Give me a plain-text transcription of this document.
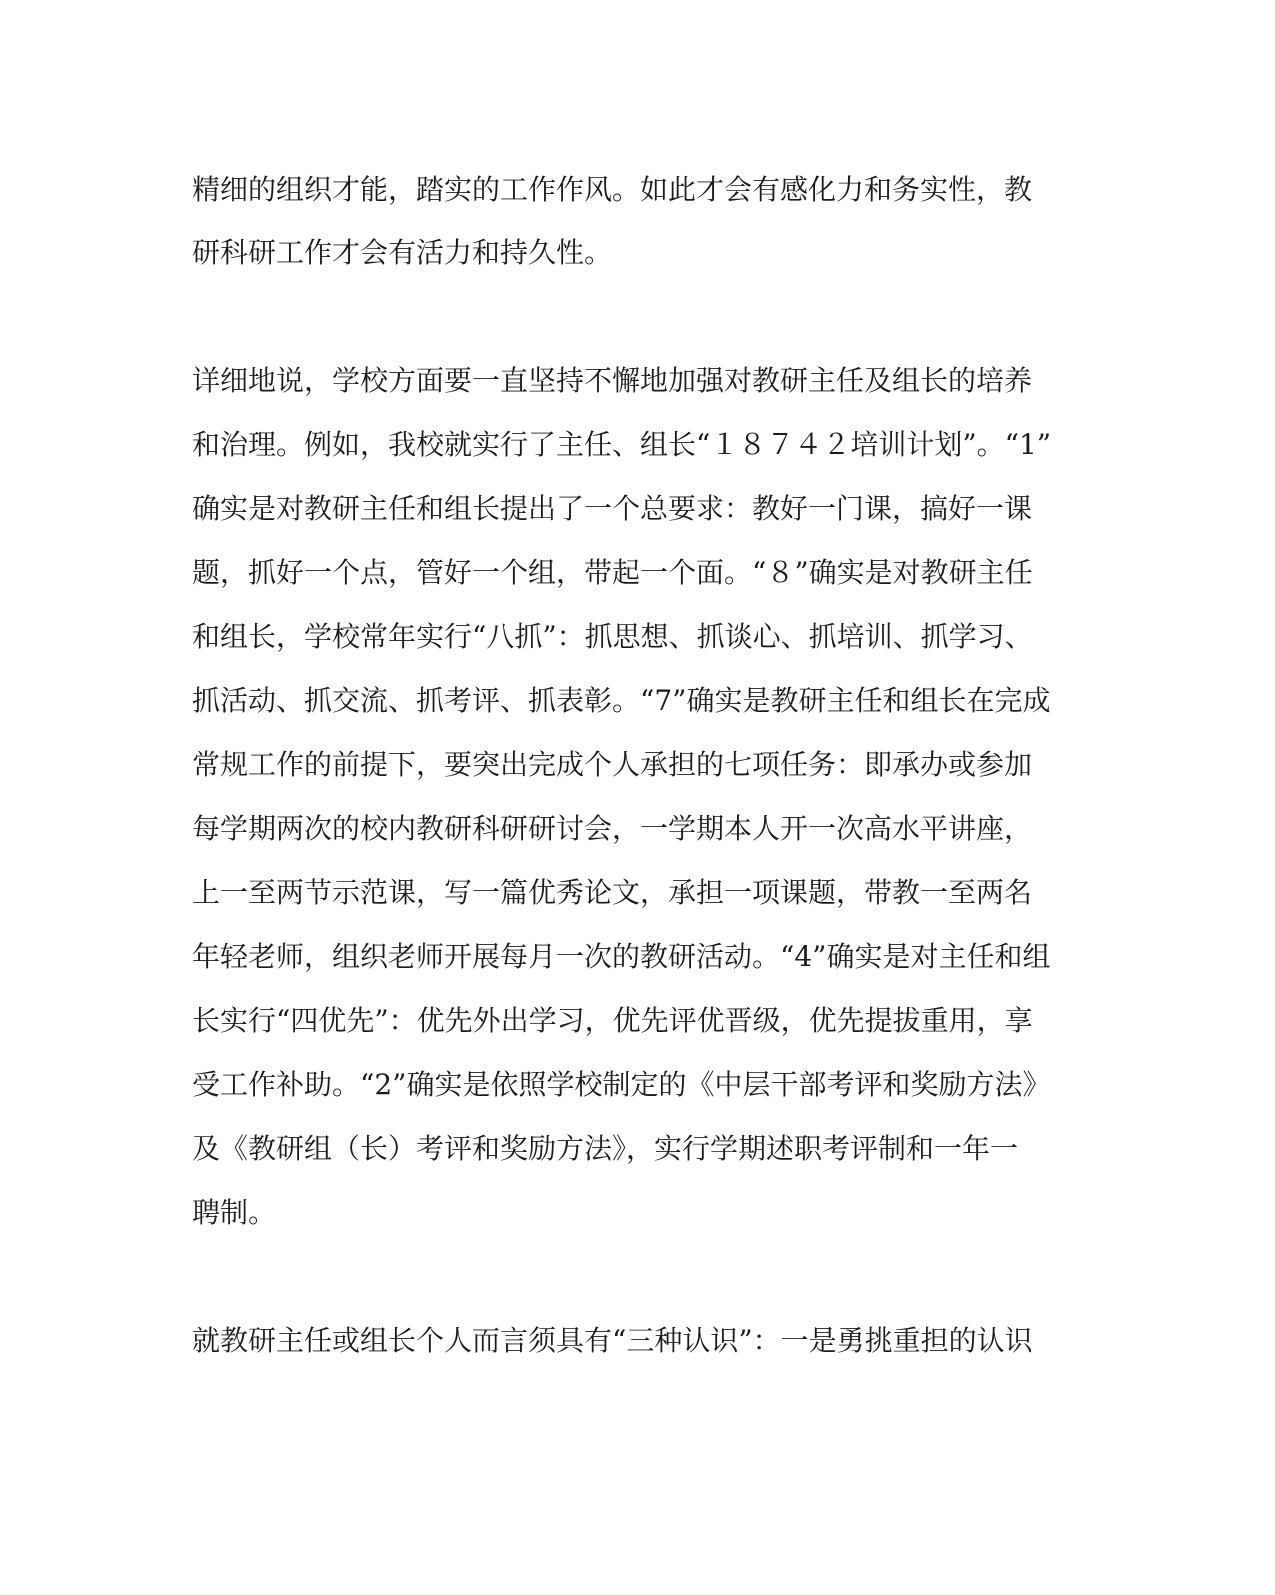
精细的组织才能，踏实的工作作风。如此才会有感化力和务实性，教

研科研工作才会有活力和持久性。

详细地说，学校方面要一直坚持不懈地加强对教研主任及组长的培养

和治理。例如，我校就实行了主任、组长“１８７４２培训计划”。“1”

确实是对教研主任和组长提出了一个总要求：教好一门课，搞好一课

题，抓好一个点，管好一个组，带起一个面。“８”确实是对教研主任

和组长，学校常年实行“八抓”：抓思想、抓谈心、抓培训、抓学习、

抓活动、抓交流、抓考评、抓表彰。“7”确实是教研主任和组长在完成

常规工作的前提下，要突出完成个人承担的七项任务：即承办或参加

每学期两次的校内教研科研研讨会，一学期本人开一次高水平讲座，

上一至两节示范课，写一篇优秀论文，承担一项课题，带教一至两名

年轻老师，组织老师开展每月一次的教研活动。“4”确实是对主任和组

长实行“四优先”：优先外出学习，优先评优晋级，优先提拔重用，享

受工作补助。“2”确实是依照学校制定的《中层干部考评和奖励方法》

及《教研组（长）考评和奖励方法》，实行学期述职考评制和一年一

聘制。

就教研主任或组长个人而言须具有“三种认识”：一是勇挑重担的认识
